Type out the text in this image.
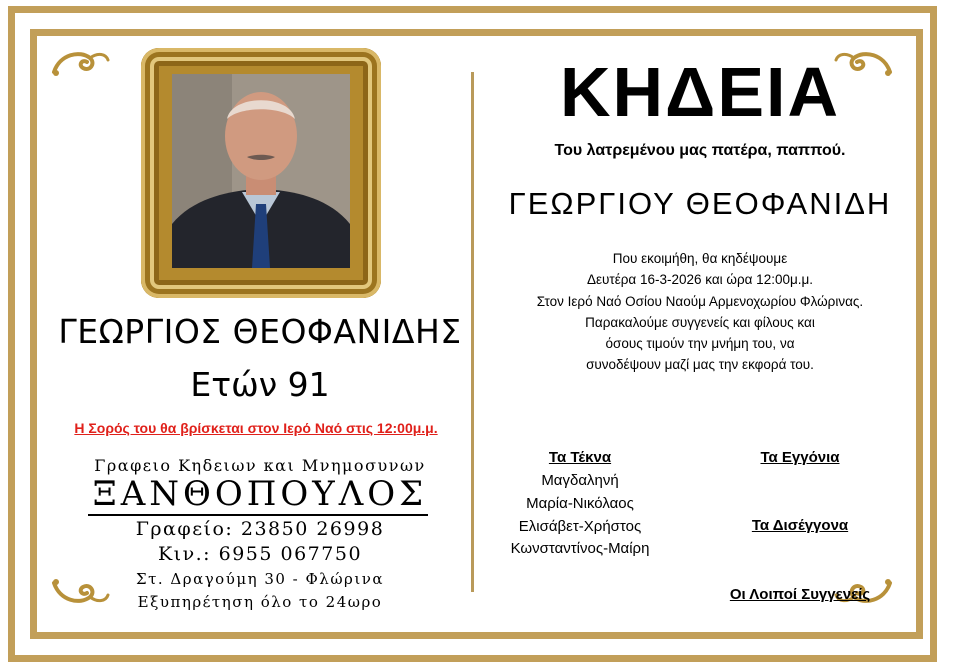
ΓΕΩΡΓΙΟΣ ΘΕΟΦΑΝΙΔΗΣ
Ετών 91
Η Σορός του θα βρίσκεται στον Ιερό Ναό στις 12:00μ.μ.
Γραφειο Κηδειων και Μνημοσυνων
ΞΑΝΘΟΠΟΥΛΟΣ
Γραφείο: 23850 26998
Κιν.: 6955 067750
Στ. Δραγούμη 30 - Φλώρινα
Εξυπηρέτηση όλο το 24ωρο
ΚΗΔΕΙΑ
Του λατρεμένου μας πατέρα, παππού.
ΓΕΩΡΓΙΟΥ ΘΕΟΦΑΝΙΔΗ
Που εκοιμήθη, θα κηδέψουμε
Δευτέρα 16-3-2026 και ώρα 12:00μ.μ.
Στον Ιερό Ναό Οσίου Ναούμ Αρμενοχωρίου Φλώρινας.
Παρακαλούμε συγγενείς και φίλους και
όσους τιμούν την μνήμη του, να
συνοδέψουν μαζί μας την εκφορά του.
Τα Τέκνα
Μαγδαληνή
Μαρία-Νικόλαος
Ελισάβετ-Χρήστος
Κωνσταντίνος-Μαίρη
Τα Εγγόνια
Τα Δισέγγονα
Οι Λοιποί Συγγενείς
